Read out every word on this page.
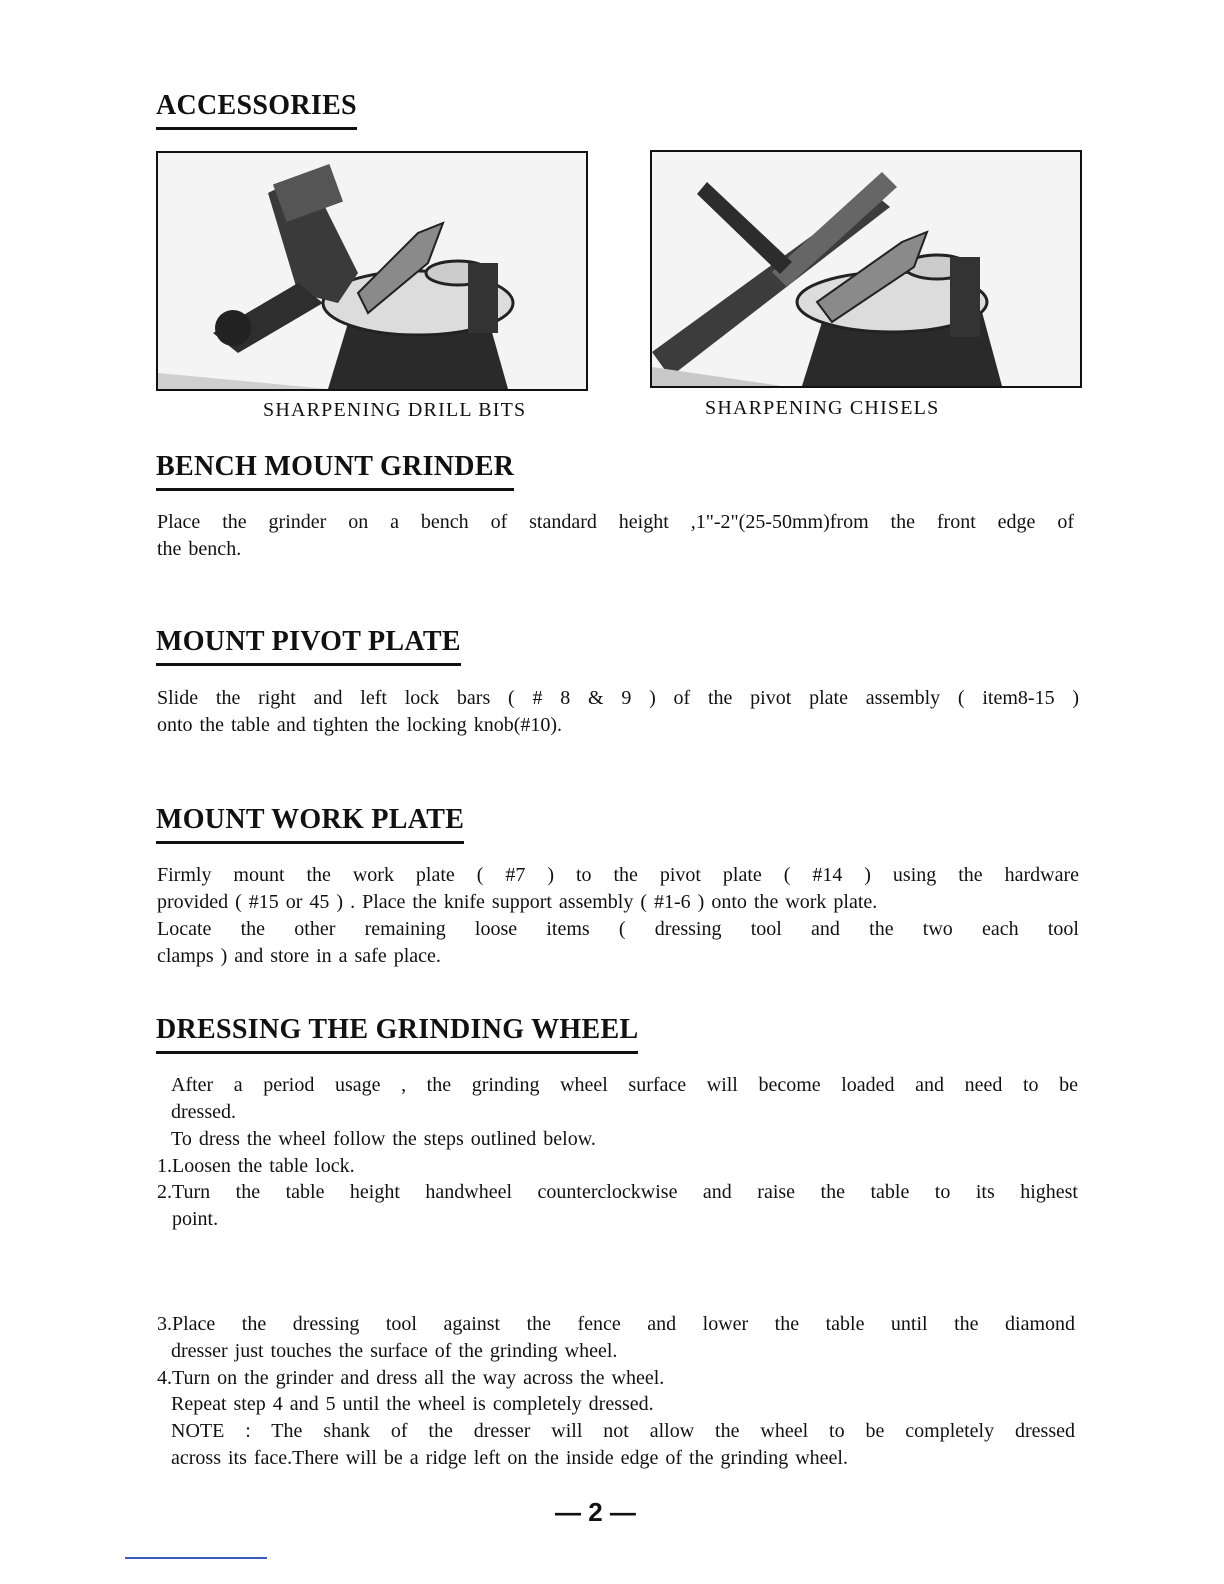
ACCESSORIES
SHARPENING DRILL BITS	SHARPENING CHISELS
BENCH MOUNT GRINDER
Place the grinder on a bench of standard height ,1"-2"(25-50mm)from the front edge of
the bench.
MOUNT PIVOT PLATE
Slide the right and left lock bars ( # 8 & 9 ) of the pivot plate assembly ( item8-15 )
onto the table and tighten the locking knob(#10).
MOUNT WORK PLATE
Firmly mount the work plate ( #7 ) to the pivot plate ( #14 ) using the hardware
provided ( #15 or 45 ) . Place the knife support assembly ( #1-6 ) onto the work plate.
Locate the other remaining loose items ( dressing tool and the two each tool
clamps ) and store in a safe place.
DRESSING THE GRINDING WHEEL
After a period usage , the grinding wheel surface will become loaded and need to be
dressed.
To dress the wheel follow the steps outlined below.
1.Loosen the table lock.
2.Turn the table height handwheel counterclockwise and raise the table to its highest
point.
3.Place the dressing tool against the fence and lower the table until the diamond
dresser just touches the surface of the grinding wheel.
4.Turn on the grinder and dress all the way across the wheel.
Repeat step 4 and 5 until the wheel is completely dressed.
NOTE : The shank of the dresser will not allow the wheel to be completely dressed
across its face.There will be a ridge left on the inside edge of the grinding wheel.
— 2 —
